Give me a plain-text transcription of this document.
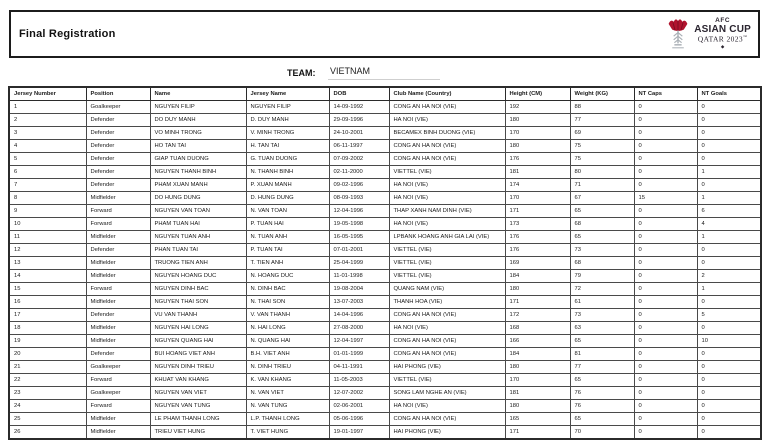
Final Registration
AFC
ASIAN CUP
QATAR 2023™
◆
TEAM: VIETNAM
Jersey Number	Position	Name	Jersey Name	DOB	Club Name (Country)	Height (CM)	Weight (KG)	NT Caps	NT Goals
1	Goalkeeper	NGUYEN FILIP	NGUYEN FILIP	14-09-1992	CONG AN HA NOI (VIE)	192	88	0	0
2	Defender	DO DUY MANH	D. DUY MANH	29-09-1996	HA NOI (VIE)	180	77	0	0
3	Defender	VO MINH TRONG	V. MINH TRONG	24-10-2001	BECAMEX BINH DUONG (VIE)	170	69	0	0
4	Defender	HO TAN TAI	H. TAN TAI	06-11-1997	CONG AN HA NOI (VIE)	180	75	0	0
5	Defender	GIAP TUAN DUONG	G. TUAN DUONG	07-09-2002	CONG AN HA NOI (VIE)	176	75	0	0
6	Defender	NGUYEN THANH BINH	N. THANH BINH	02-11-2000	VIETTEL (VIE)	181	80	0	1
7	Defender	PHAM XUAN MANH	P. XUAN MANH	09-02-1996	HA NOI (VIE)	174	71	0	0
8	Midfielder	DO HUNG DUNG	D. HUNG DUNG	08-09-1993	HA NOI (VIE)	170	67	15	1
9	Forward	NGUYEN VAN TOAN	N. VAN TOAN	12-04-1996	THAP XANH NAM DINH (VIE)	171	65	0	6
10	Forward	PHAM TUAN HAI	P. TUAN HAI	19-05-1998	HA NOI (VIE)	173	68	0	4
11	Midfielder	NGUYEN TUAN ANH	N. TUAN ANH	16-05-1995	LPBANK HOANG ANH GIA LAI (VIE)	176	65	0	1
12	Defender	PHAN TUAN TAI	P. TUAN TAI	07-01-2001	VIETTEL (VIE)	176	73	0	0
13	Midfielder	TRUONG TIEN ANH	T. TIEN ANH	25-04-1999	VIETTEL (VIE)	169	68	0	0
14	Midfielder	NGUYEN HOANG DUC	N. HOANG DUC	11-01-1998	VIETTEL (VIE)	184	79	0	2
15	Forward	NGUYEN DINH BAC	N. DINH BAC	19-08-2004	QUANG NAM (VIE)	180	72	0	1
16	Midfielder	NGUYEN THAI SON	N. THAI SON	13-07-2003	THANH HOA (VIE)	171	61	0	0
17	Defender	VU VAN THANH	V. VAN THANH	14-04-1996	CONG AN HA NOI (VIE)	172	73	0	5
18	Midfielder	NGUYEN HAI LONG	N. HAI LONG	27-08-2000	HA NOI (VIE)	168	63	0	0
19	Midfielder	NGUYEN QUANG HAI	N. QUANG HAI	12-04-1997	CONG AN HA NOI (VIE)	166	65	0	10
20	Defender	BUI HOANG VIET ANH	B.H. VIET ANH	01-01-1999	CONG AN HA NOI (VIE)	184	81	0	0
21	Goalkeeper	NGUYEN DINH TRIEU	N. DINH TRIEU	04-11-1991	HAI PHONG (VIE)	180	77	0	0
22	Forward	KHUAT VAN KHANG	K. VAN KHANG	11-05-2003	VIETTEL (VIE)	170	65	0	0
23	Goalkeeper	NGUYEN VAN VIET	N. VAN VIET	12-07-2002	SONG LAM NGHE AN (VIE)	181	76	0	0
24	Forward	NGUYEN VAN TUNG	N. VAN TUNG	02-06-2001	HA NOI (VIE)	180	76	0	0
25	Midfielder	LE PHAM THANH LONG	L.P. THANH LONG	05-06-1996	CONG AN HA NOI (VIE)	165	65	0	0
26	Midfielder	TRIEU VIET HUNG	T. VIET HUNG	19-01-1997	HAI PHONG (VIE)	171	70	0	0
